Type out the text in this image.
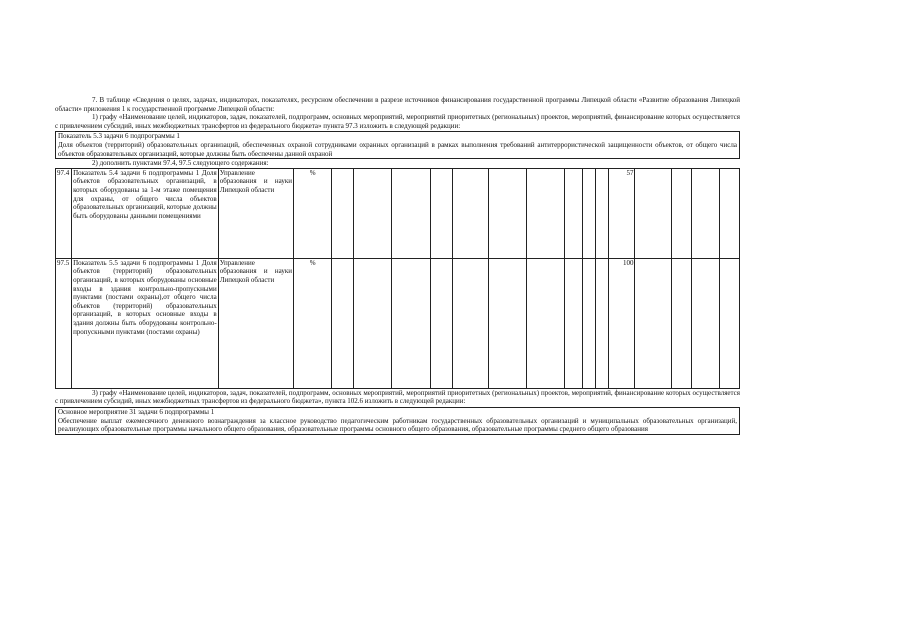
7. В таблице «Сведения о целях, задачах, индикаторах, показателях, ресурсном обеспечении в разрезе источников финансирования государственной программы Липецкой области «Развитие образования Липецкой области» приложения 1 к государственной программе Липецкой области:

1) графу «Наименование целей, индикаторов, задач, показателей, подпрограмм, основных мероприятий, мероприятий приоритетных (региональных) проектов, мероприятий, финансирование которых осуществляется с привлечением субсидий, иных межбюджетных трансфертов из федерального бюджета» пункта 97.3 изложить в следующей редакции:

Показатель 5.3 задачи 6 подпрограммы 1
Доля объектов (территорий) образовательных организаций, обеспеченных охраной сотрудниками охранных организаций в рамках выполнения требований антитеррористической защищенности объектов, от общего числа объектов образовательных организаций, которые должны быть обеспечены данной охраной
2) дополнить пунктами 97.4, 97.5 следующего содержания:
97.4	Показатель 5.4 задачи 6 подпрограммы 1 Доля объектов образовательных организаций, в которых оборудованы за 1-м этаже помещения для охраны, от общего числа объектов образовательных организаций, которые должны быть оборудованы данными помещениями	Управление образования и науки Липецкой области	%											57				
97.5	Показатель 5.5 задачи 6 подпрограммы 1 Доля объектов (территорий) образовательных организаций, в которых оборудованы основные входы в здания контрольно-пропускными пунктами (постами охраны),от общего числа объектов (территорий) образовательных организаций, в которых основные входы в здания должны быть оборудованы контрольно-пропускными пунктами (постами охраны)	Управление образования и науки Липецкой области	%											100				

3) графу «Наименование целей, индикаторов, задач, показателей, подпрограмм, основных мероприятий, мероприятий приоритетных (региональных) проектов, мероприятий, финансирование которых осуществляется с привлечением субсидий, иных межбюджетных трансфертов из федерального бюджета», пункта 102.6 изложить в следующей редакции:

Основное мероприятие 31 задачи 6 подпрограммы 1
Обеспечение выплат ежемесячного денежного вознаграждения за классное руководство педагогическим работникам государственных образовательных организаций и муниципальных образовательных организаций, реализующих образовательные программы начального общего образования, образовательные программы основного общего образования, образовательные программы среднего общего образования
